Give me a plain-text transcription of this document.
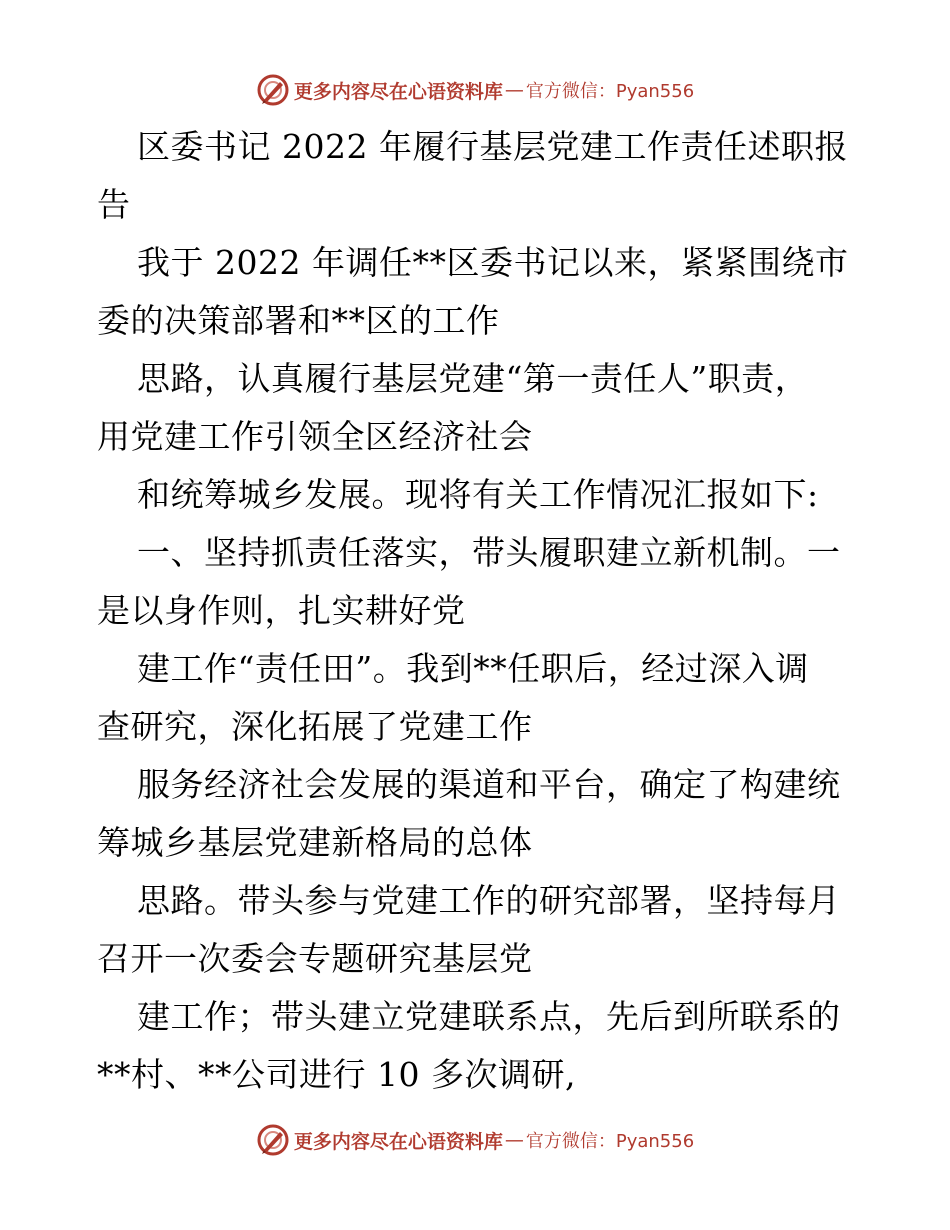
更多内容尽在心语资料库 — 官方微信：Pyan556
区委书记 2022 年履行基层党建工作责任述职报
告
我于 2022 年调任**区委书记以来，紧紧围绕市
委的决策部署和**区的工作
思路，认真履行基层党建“第一责任人”职责，
用党建工作引领全区经济社会
和统筹城乡发展。现将有关工作情况汇报如下:
一、坚持抓责任落实，带头履职建立新机制。一
是以身作则，扎实耕好党
建工作“责任田”。我到**任职后，经过深入调
查研究，深化拓展了党建工作
服务经济社会发展的渠道和平台，确定了构建统
筹城乡基层党建新格局的总体
思路。带头参与党建工作的研究部署，坚持每月
召开一次委会专题研究基层党
建工作；带头建立党建联系点，先后到所联系的
**村、**公司进行 10 多次调研,
更多内容尽在心语资料库 — 官方微信：Pyan556
